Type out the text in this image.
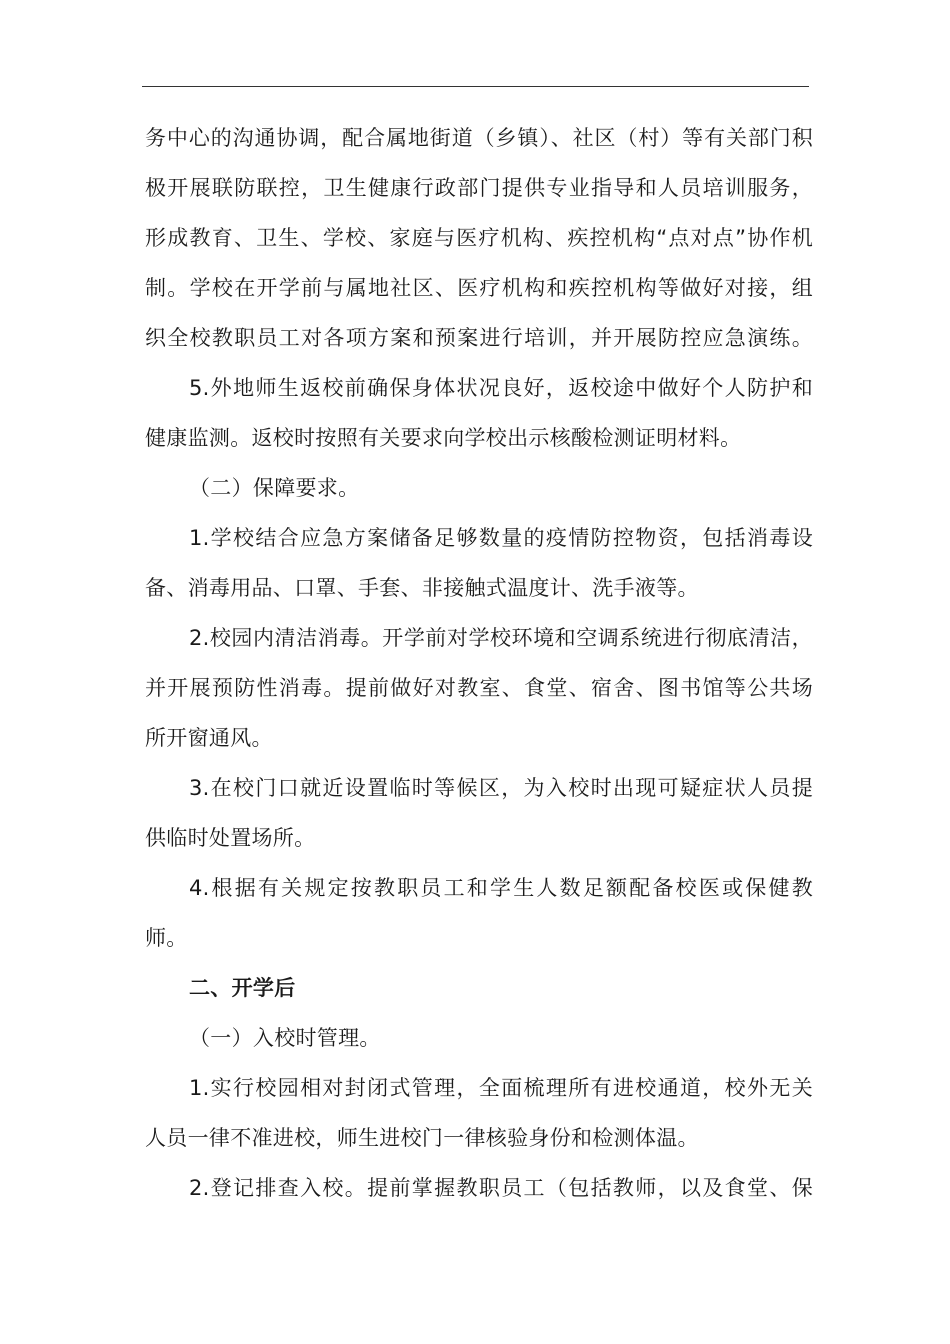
务中心的沟通协调，配合属地街道（乡镇）、社区（村）等有关部门积
极开展联防联控，卫生健康行政部门提供专业指导和人员培训服务，
形成教育、卫生、学校、家庭与医疗机构、疾控机构“点对点”协作机
制。学校在开学前与属地社区、医疗机构和疾控机构等做好对接，组
织全校教职员工对各项方案和预案进行培训，并开展防控应急演练。
5.外地师生返校前确保身体状况良好，返校途中做好个人防护和
健康监测。返校时按照有关要求向学校出示核酸检测证明材料。
（二）保障要求。
1.学校结合应急方案储备足够数量的疫情防控物资，包括消毒设
备、消毒用品、口罩、手套、非接触式温度计、洗手液等。
2.校园内清洁消毒。开学前对学校环境和空调系统进行彻底清洁，
并开展预防性消毒。提前做好对教室、食堂、宿舍、图书馆等公共场
所开窗通风。
3.在校门口就近设置临时等候区，为入校时出现可疑症状人员提
供临时处置场所。
4.根据有关规定按教职员工和学生人数足额配备校医或保健教
师。
二、开学后
（一）入校时管理。
1.实行校园相对封闭式管理，全面梳理所有进校通道，校外无关
人员一律不准进校，师生进校门一律核验身份和检测体温。
2.登记排查入校。提前掌握教职员工（包括教师，以及食堂、保
